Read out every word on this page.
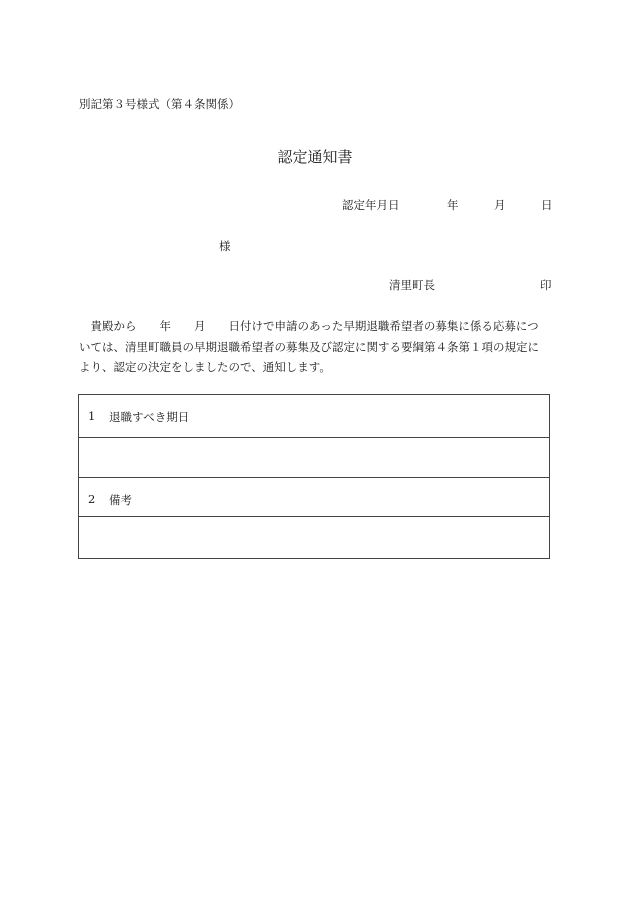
別記第３号様式（第４条関係）
認定通知書
認定年月日	年	月	日
様
清里町長	印
　貴殿から　　年　　月　　日付けで申請のあった早期退職希望者の募集に係る応募につ
いては、清里町職員の早期退職希望者の募集及び認定に関する要綱第４条第１項の規定に
より、認定の決定をしましたので、通知します。
1 退職すべき期日
2 備考
